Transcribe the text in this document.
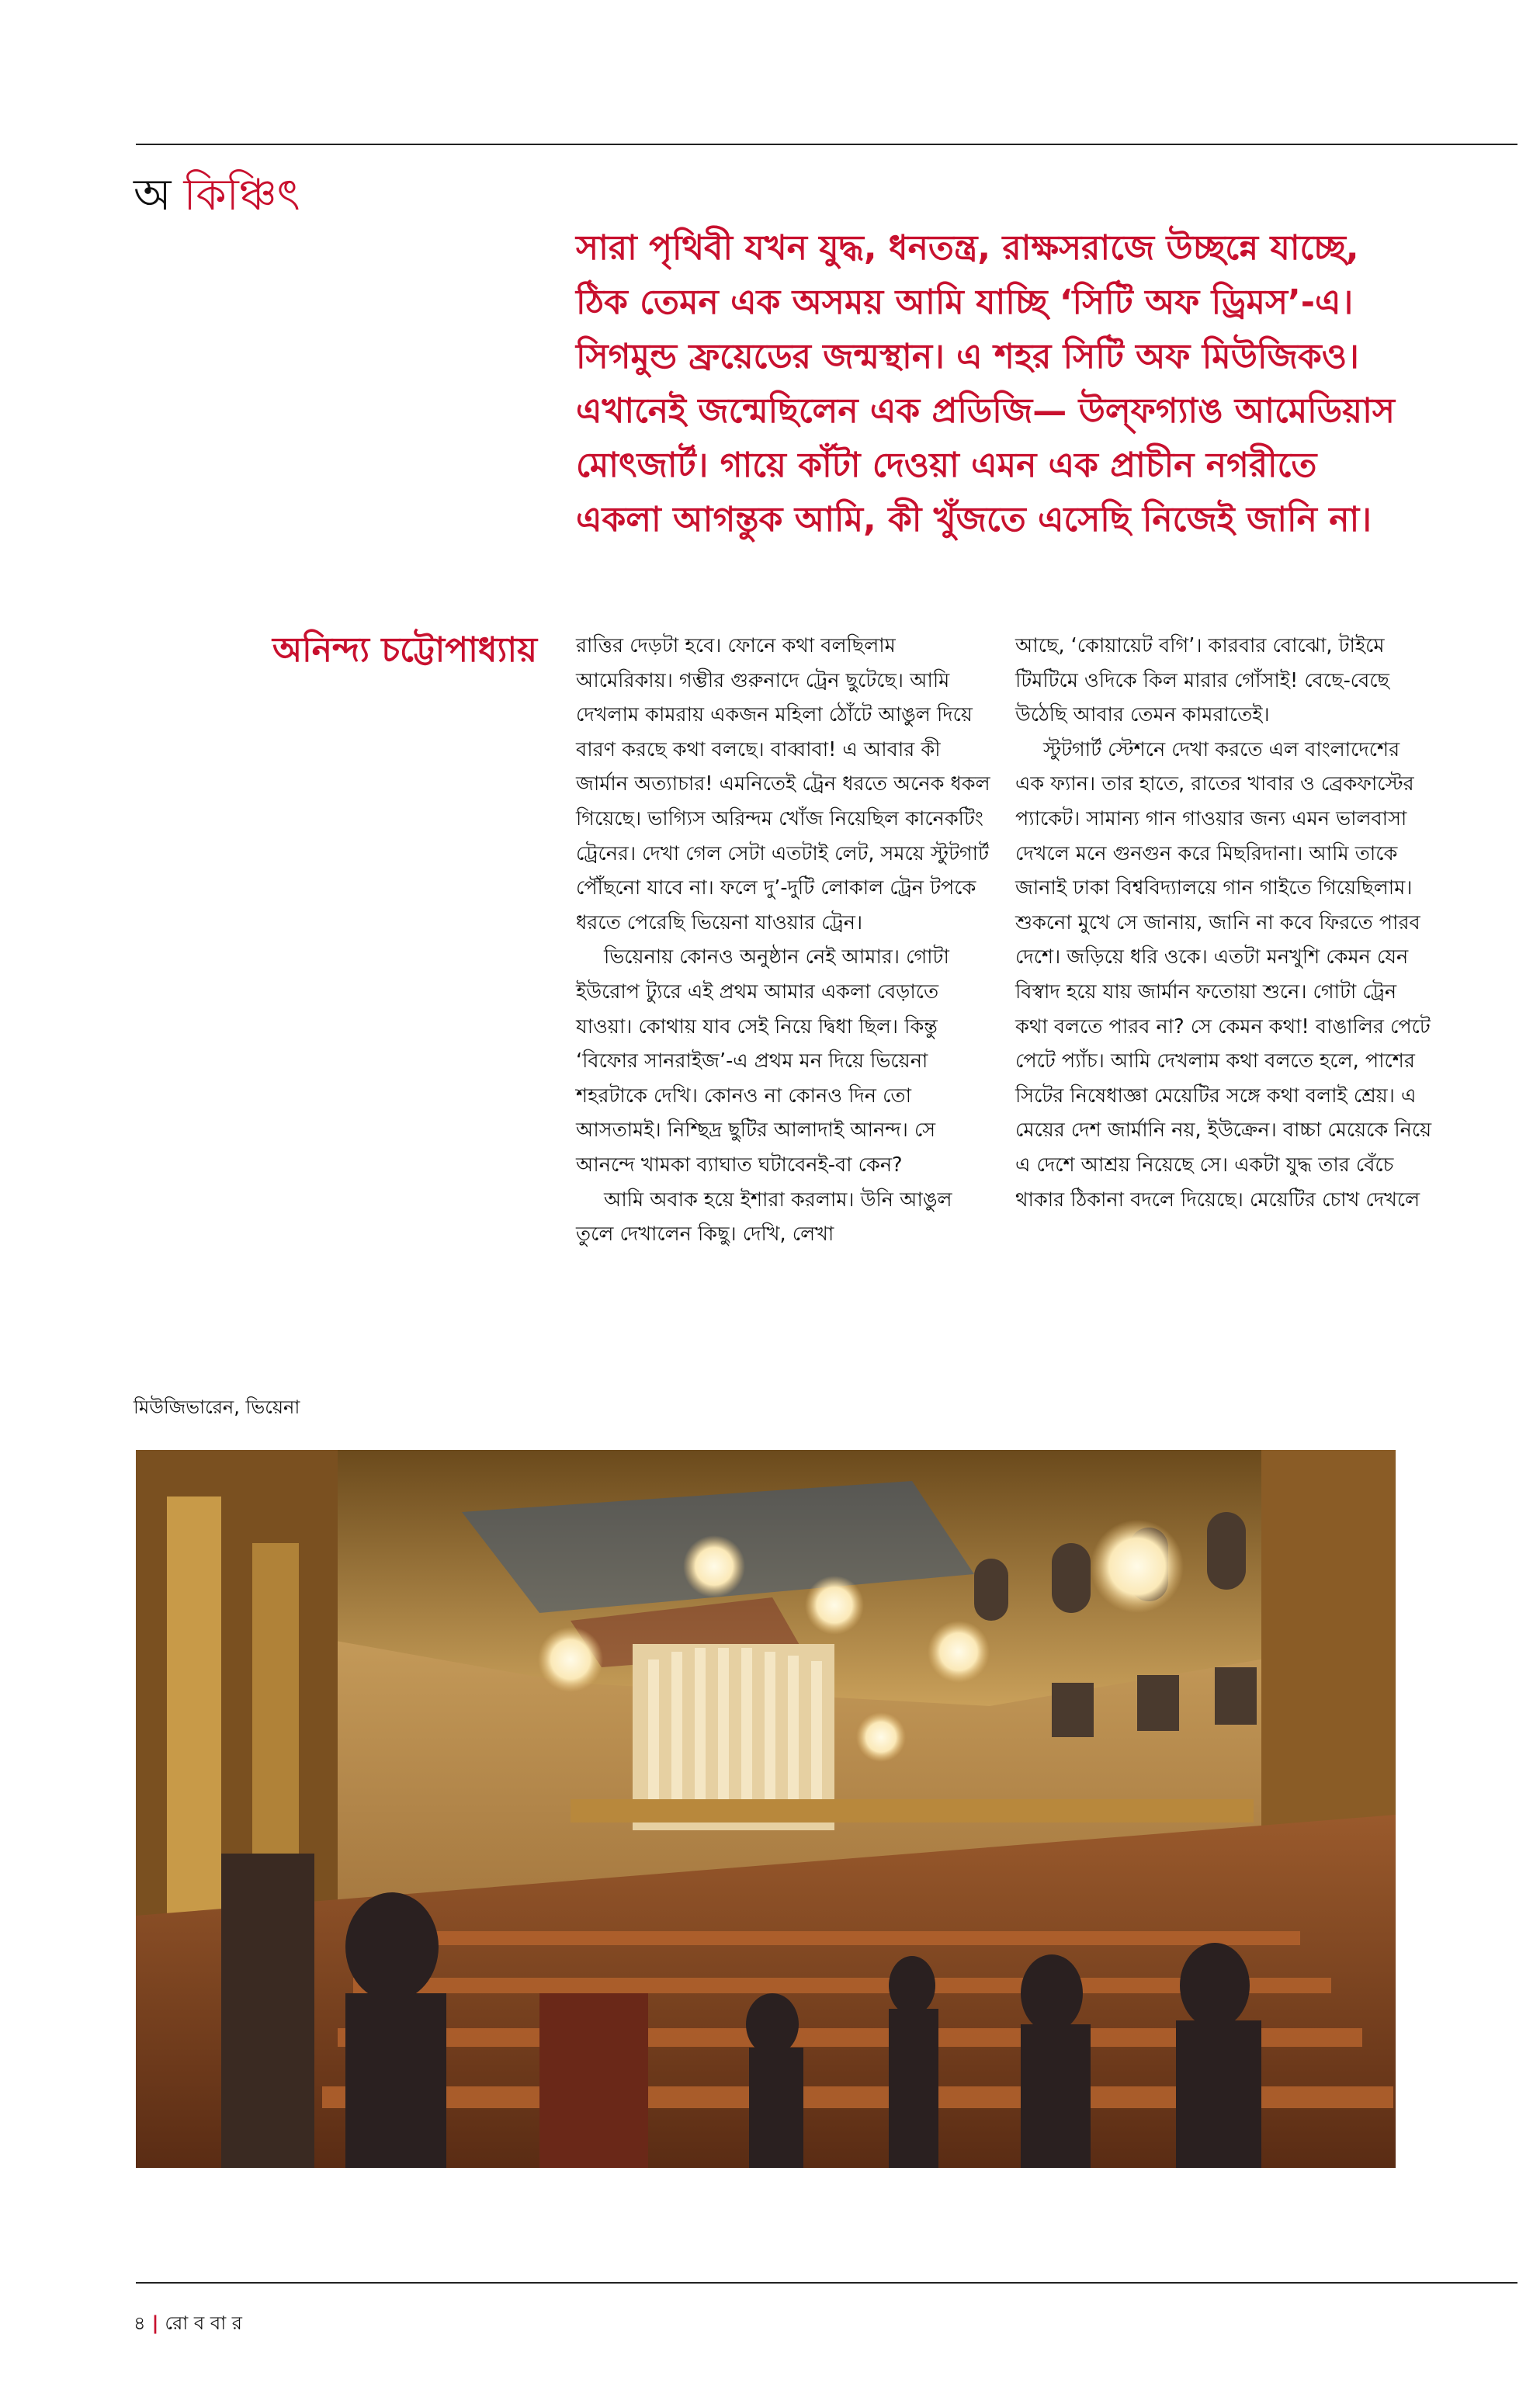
অ কিঞ্চিৎ
সারা পৃথিবী যখন যুদ্ধ, ধনতন্ত্র, রাক্ষসরাজে উচ্ছন্নে যাচ্ছে, ঠিক তেমন এক অসময় আমি যাচ্ছি ‘সিটি অফ ড্রিমস’-এ। সিগমুন্ড ফ্রয়েডের জন্মস্থান। এ শহর সিটি অফ মিউজিকও। এখানেই জন্মেছিলেন এক প্রডিজি— উল্‌ফগ্যাঙ আমেডিয়াস মোৎজার্ট। গায়ে কাঁটা দেওয়া এমন এক প্রাচীন নগরীতে একলা আগন্তুক আমি, কী খুঁজতে এসেছি নিজেই জানি না।
অনিন্দ্য চট্টোপাধ্যায় রাত্তির দেড়টা হবে। ফোনে কথা বলছিলাম আমেরিকায়। গম্ভীর গুরুনাদে ট্রেন ছুটেছে। আমি দেখলাম কামরায় একজন মহিলা ঠোঁটে আঙুল দিয়ে বারণ করছে কথা বলছে। বাব্বাবা! এ আবার কী জার্মান অত্যাচার! এমনিতেই ট্রেন ধরতে অনেক ধকল গিয়েছে। ভাগ্যিস অরিন্দম খোঁজ নিয়েছিল কানেকটিং ট্রেনের। দেখা গেল সেটা এতটাই লেট, সময়ে স্টুটগার্ট পৌঁছনো যাবে না। ফলে দু’-দুটি লোকাল ট্রেন টপকে ধরতে পেরেছি ভিয়েনা যাওয়ার ট্রেন।

ভিয়েনায় কোনও অনুষ্ঠান নেই আমার। গোটা ইউরোপ ট্যুরে এই প্রথম আমার একলা বেড়াতে যাওয়া। কোথায় যাব সেই নিয়ে দ্বিধা ছিল। কিন্তু ‘বিফোর সানরাইজ’-এ প্রথম মন দিয়ে ভিয়েনা শহরটাকে দেখি। কোনও না কোনও দিন তো আসতামই। নিশ্ছিদ্র ছুটির আলাদাই আনন্দ। সে আনন্দে খামকা ব্যাঘাত ঘটাবেনই-বা কেন?

আমি অবাক হয়ে ইশারা করলাম। উনি আঙুল তুলে দেখালেন কিছু। দেখি, লেখা

আছে, ‘কোয়ায়েট বগি’। কারবার বোঝো, টাইমে টিমটিমে ওদিকে কিল মারার গোঁসাই! বেছে-বেছে উঠেছি আবার তেমন কামরাতেই।

স্টুটগার্ট স্টেশনে দেখা করতে এল বাংলাদেশের এক ফ্যান। তার হাতে, রাতের খাবার ও ব্রেকফাস্টের প্যাকেট। সামান্য গান গাওয়ার জন্য এমন ভালবাসা দেখলে মনে গুনগুন করে মিছরিদানা। আমি তাকে জানাই ঢাকা বিশ্ববিদ্যালয়ে গান গাইতে গিয়েছিলাম। শুকনো মুখে সে জানায়, জানি না কবে ফিরতে পারব দেশে। জড়িয়ে ধরি ওকে। এতটা মনখুশি কেমন যেন বিস্বাদ হয়ে যায় জার্মান ফতোয়া শুনে। গোটা ট্রেন কথা বলতে পারব না? সে কেমন কথা! বাঙালির পেটে পেটে প্যাঁচ। আমি দেখলাম কথা বলতে হলে, পাশের সিটের নিষেধাজ্ঞা মেয়েটির সঙ্গে কথা বলাই শ্রেয়। এ মেয়ের দেশ জার্মানি নয়, ইউক্রেন। বাচ্চা মেয়েকে নিয়ে এ দেশে আশ্রয় নিয়েছে সে। একটা যুদ্ধ তার বেঁচে থাকার ঠিকানা বদলে দিয়েছে। মেয়েটির চোখ দেখলে

মিউজিভারেন, ভিয়েনা
৪ | রো ব বা র
